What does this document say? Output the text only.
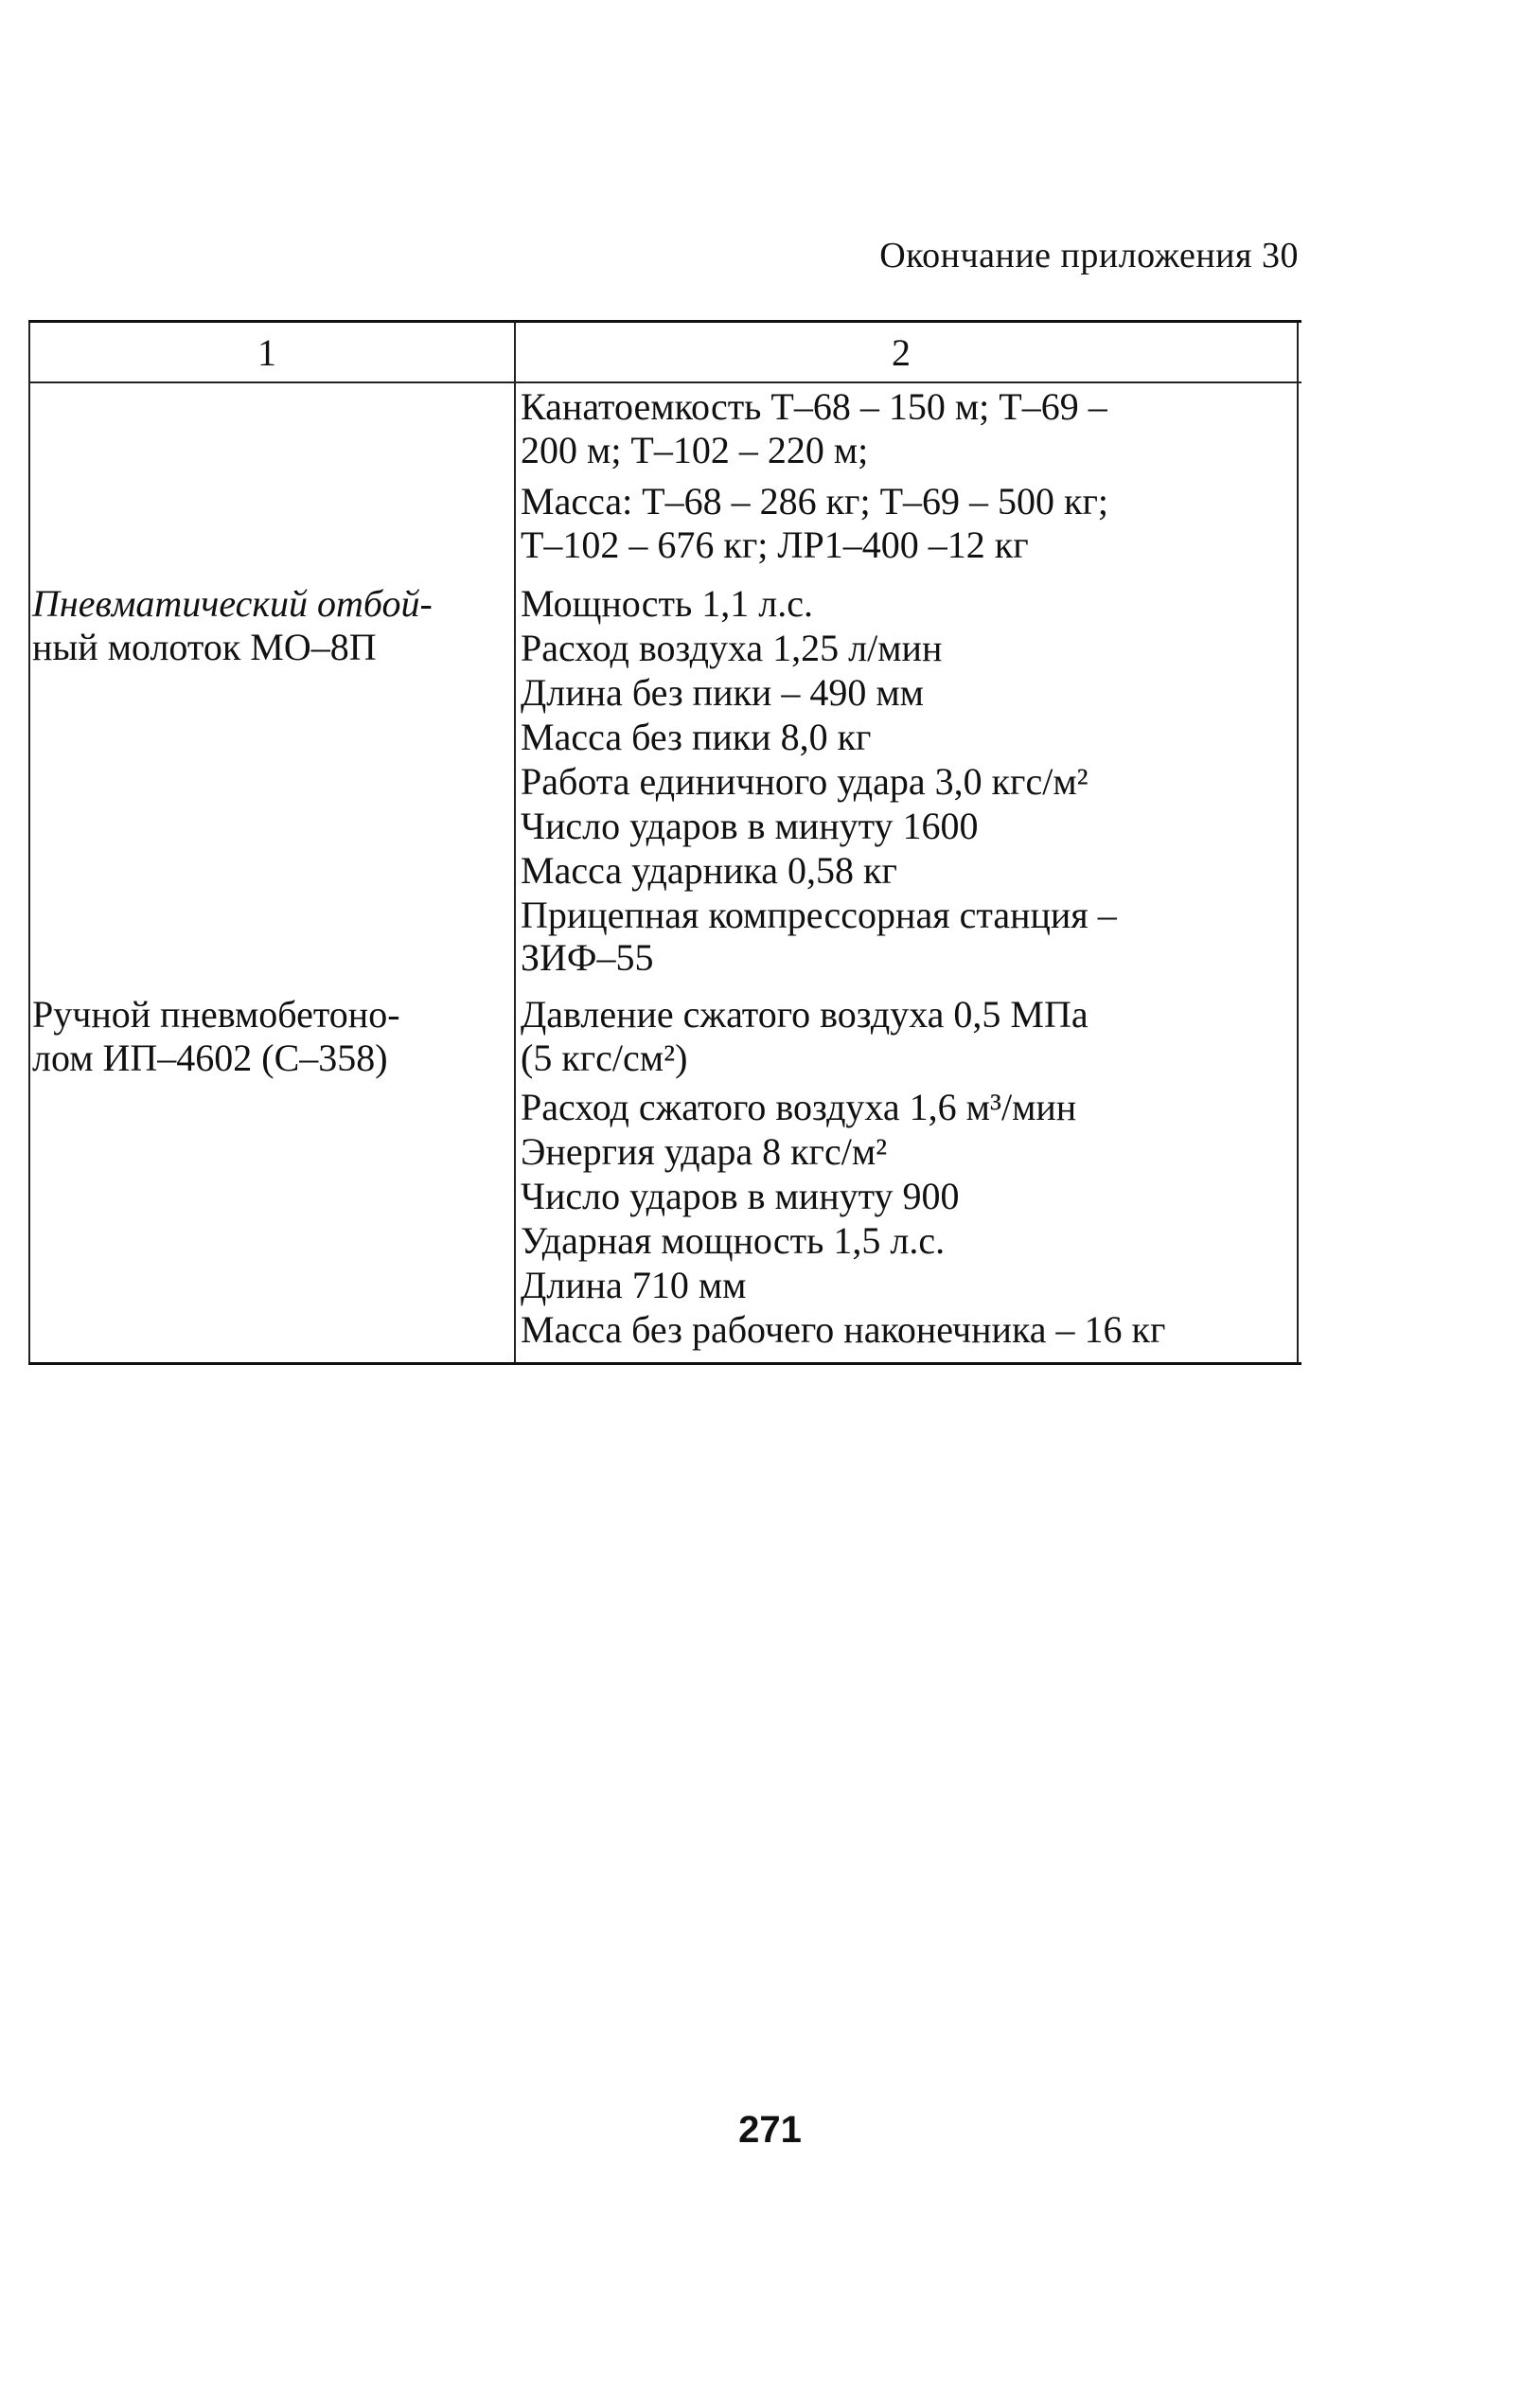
Окончание приложения 30
1	2
Канатоемкость Т–68 – 150 м; Т–69 –
200 м; Т–102 – 220 м;
Масса: Т–68 – 286 кг; Т–69 – 500 кг;
Т–102 – 676 кг; ЛР1–400 –12 кг
Пневматический отбой-
ный молоток МО–8П
Мощность 1,1 л.с.
Расход воздуха 1,25 л/мин
Длина без пики – 490 мм
Масса без пики 8,0 кг
Работа единичного удара 3,0 кгс/м²
Число ударов в минуту 1600
Масса ударника 0,58 кг
Прицепная компрессорная станция –
ЗИФ–55
Ручной пневмобетоно-
лом ИП–4602 (С–358)
Давление сжатого воздуха 0,5 МПа
(5 кгс/см²)
Расход сжатого воздуха 1,6 м³/мин
Энергия удара 8 кгс/м²
Число ударов в минуту 900
Ударная мощность 1,5 л.с.
Длина 710 мм
Масса без рабочего наконечника – 16 кг
271
